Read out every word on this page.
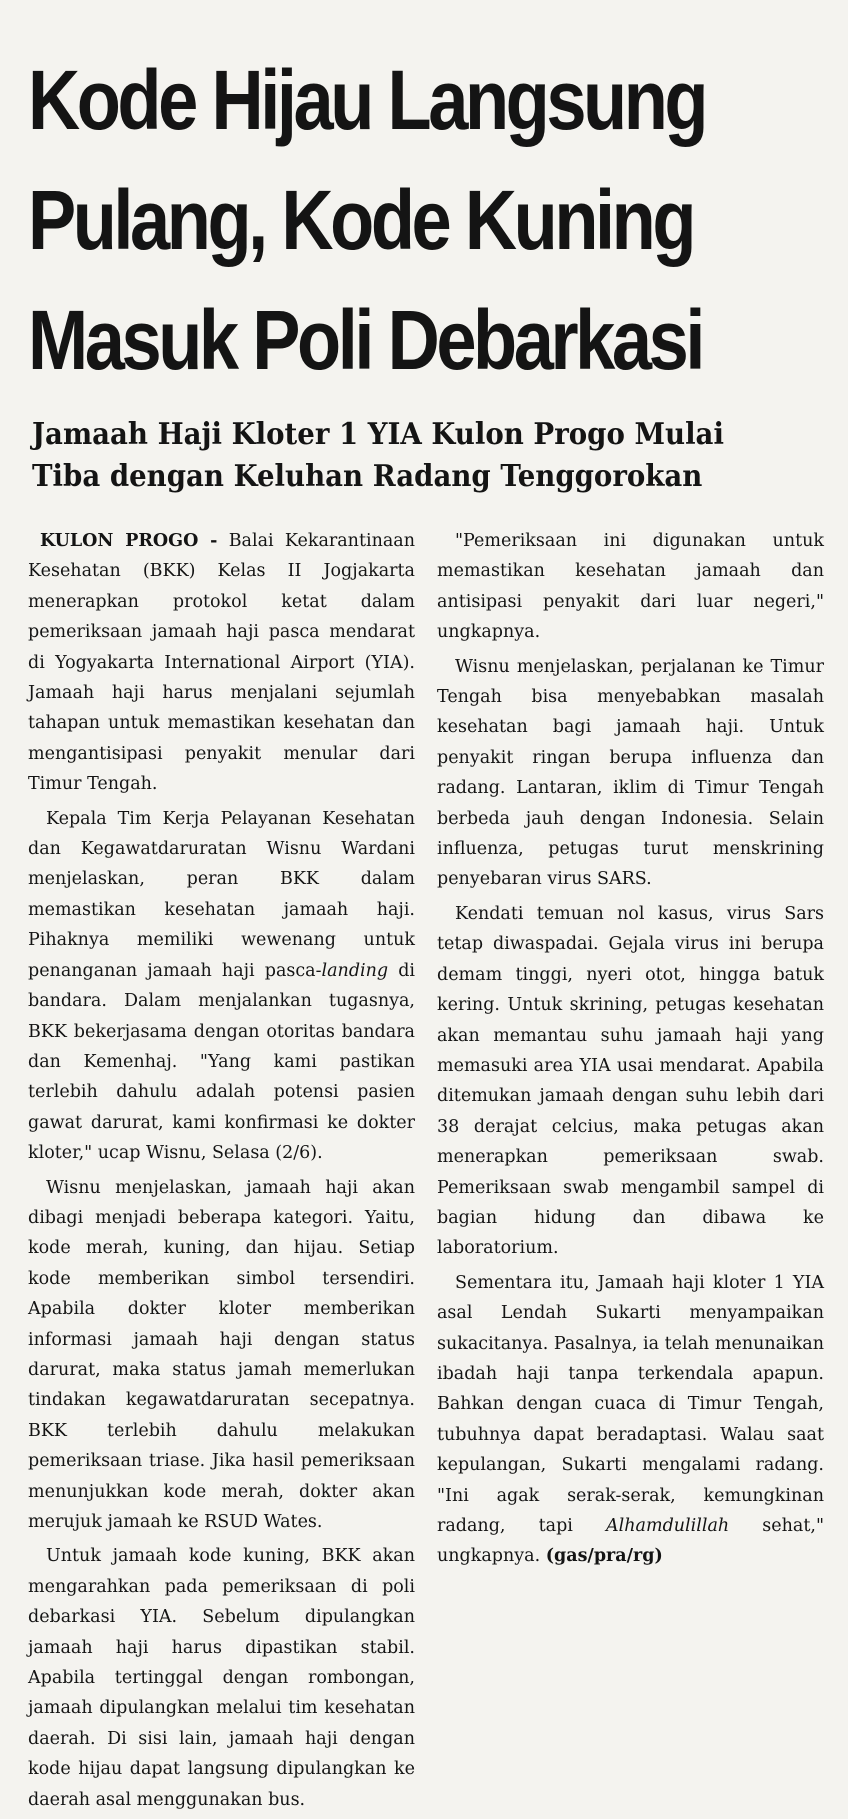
Kode Hijau Langsung
Pulang, Kode Kuning
Masuk Poli Debarkasi
Jamaah Haji Kloter 1 YIA Kulon Progo Mulai
Tiba dengan Keluhan Radang Tenggorokan

KULON PROGO - Balai Kekarantinaan Kesehatan (BKK) Kelas II Jogjakarta menerapkan protokol ketat dalam pemeriksaan jamaah haji pasca mendarat di Yogyakarta International Airport (YIA). Jamaah haji harus menjalani sejumlah tahapan untuk memastikan kesehatan dan mengantisipasi penyakit menular dari Timur Tengah.

Kepala Tim Kerja Pelayanan Kesehatan dan Kegawatdaruratan Wisnu Wardani menjelaskan, peran BKK dalam memastikan kesehatan jamaah haji. Pihaknya memiliki wewenang untuk penanganan jamaah haji pasca-landing di bandara. Dalam menjalankan tugasnya, BKK bekerjasama dengan otoritas bandara dan Kemenhaj. "Yang kami pastikan terlebih dahulu adalah potensi pasien gawat darurat, kami konfirmasi ke dokter kloter," ucap Wisnu, Selasa (2/6).

Wisnu menjelaskan, jamaah haji akan dibagi menjadi beberapa kategori. Yaitu, kode merah, kuning, dan hijau. Setiap kode memberikan simbol tersendiri. Apabila dokter kloter memberikan informasi jamaah haji dengan status darurat, maka status jamah memerlukan tindakan kegawatdaruratan secepatnya. BKK terlebih dahulu melakukan pemeriksaan triase. Jika hasil pemeriksaan menunjukkan kode merah, dokter akan merujuk jamaah ke RSUD Wates.

Untuk jamaah kode kuning, BKK akan mengarahkan pada pemeriksaan di poli debarkasi YIA. Sebelum dipulangkan jamaah haji harus dipastikan stabil. Apabila tertinggal dengan rombongan, jamaah dipulangkan melalui tim kesehatan daerah. Di sisi lain, jamaah haji dengan kode hijau dapat langsung dipulangkan ke daerah asal menggunakan bus.

"Pemeriksaan ini digunakan untuk memastikan kesehatan jamaah dan antisipasi penyakit dari luar negeri," ungkapnya.

Wisnu menjelaskan, perjalanan ke Timur Tengah bisa menyebabkan masalah kesehatan bagi jamaah haji. Untuk penyakit ringan berupa influenza dan radang. Lantaran, iklim di Timur Tengah berbeda jauh dengan Indonesia. Selain influenza, petugas turut menskrining penyebaran virus SARS.

Kendati temuan nol kasus, virus Sars tetap diwaspadai. Gejala virus ini berupa demam tinggi, nyeri otot, hingga batuk kering. Untuk skrining, petugas kesehatan akan memantau suhu jamaah haji yang memasuki area YIA usai mendarat. Apabila ditemukan jamaah dengan suhu lebih dari 38 derajat celcius, maka petugas akan menerapkan pemeriksaan swab. Pemeriksaan swab mengambil sampel di bagian hidung dan dibawa ke laboratorium.

Sementara itu, Jamaah haji kloter 1 YIA asal Lendah Sukarti menyampaikan sukacitanya. Pasalnya, ia telah menunaikan ibadah haji tanpa terkendala apapun. Bahkan dengan cuaca di Timur Tengah, tubuhnya dapat beradaptasi. Walau saat kepulangan, Sukarti mengalami radang. "Ini agak serak-serak, kemungkinan radang, tapi Alhamdulillah sehat," ungkapnya. (gas/pra/rg)
